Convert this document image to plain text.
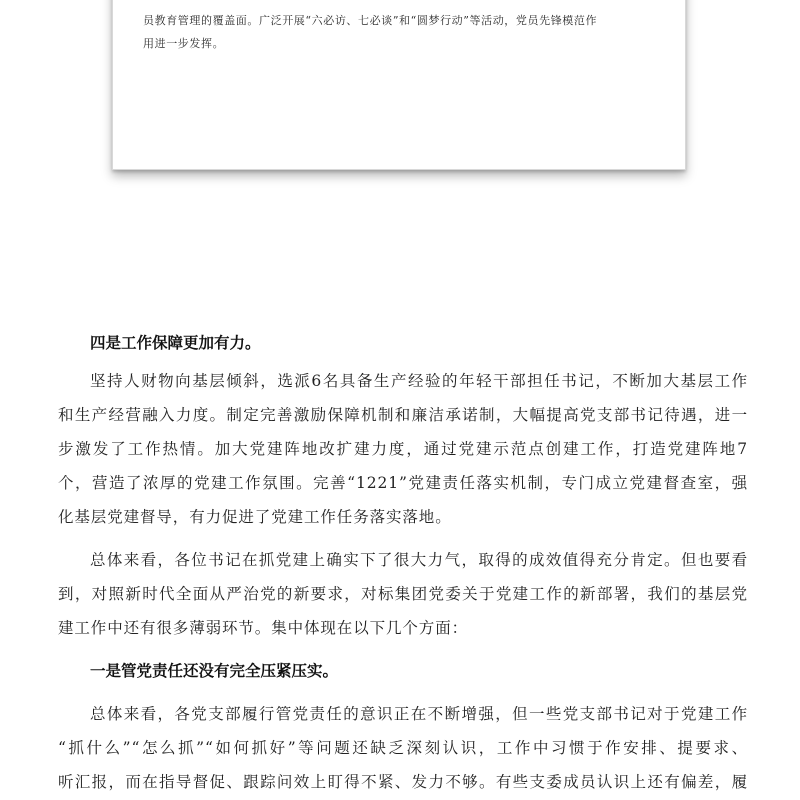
员教育管理的覆盖面。广泛开展“六必访、七必谈”和“圆梦行动”等活动，党员先锋模范作
用进一步发挥。
四是工作保障更加有力。

坚持人财物向基层倾斜，选派6名具备生产经验的年轻干部担任书记，不断加大基层工作
和生产经营融入力度。制定完善激励保障机制和廉洁承诺制，大幅提高党支部书记待遇，进一
步激发了工作热情。加大党建阵地改扩建力度，通过党建示范点创建工作，打造党建阵地7
个，营造了浓厚的党建工作氛围。完善“1221”党建责任落实机制，专门成立党建督查室，强
化基层党建督导，有力促进了党建工作任务落实落地。

总体来看，各位书记在抓党建上确实下了很大力气，取得的成效值得充分肯定。但也要看
到，对照新时代全面从严治党的新要求，对标集团党委关于党建工作的新部署，我们的基层党
建工作中还有很多薄弱环节。集中体现在以下几个方面：

一是管党责任还没有完全压紧压实。

总体来看，各党支部履行管党责任的意识正在不断增强，但一些党支部书记对于党建工作
“抓什么”“怎么抓”“如何抓好”等问题还缺乏深刻认识，工作中习惯于作安排、提要求、
听汇报，而在指导督促、跟踪问效上盯得不紧、发力不够。有些支委成员认识上还有偏差，履
